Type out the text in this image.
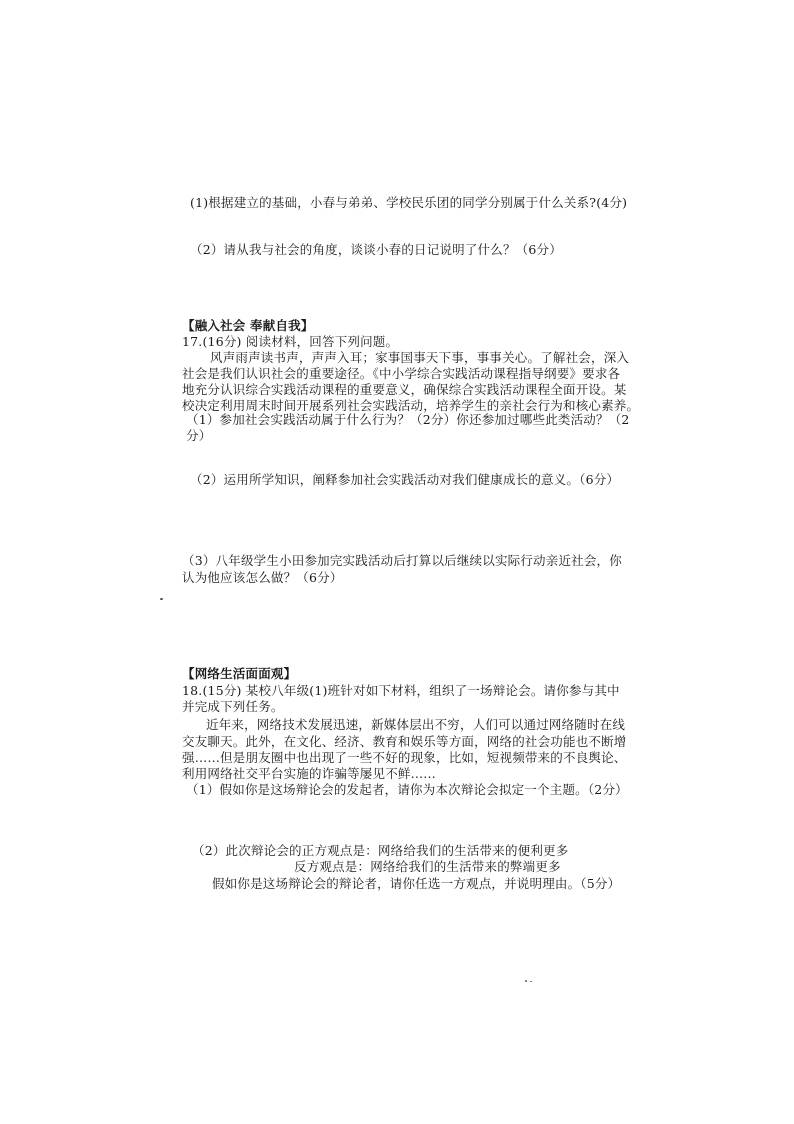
(1)根据建立的基础，小春与弟弟、学校民乐团的同学分别属于什么关系?(4分)
（2）请从我与社会的角度，谈谈小春的日记说明了什么？（6分）
【融入社会 奉献自我】
17.(16分) 阅读材料，回答下列问题。
风声雨声读书声，声声入耳；家事国事天下事，事事关心。了解社会，深入
社会是我们认识社会的重要途径。《中小学综合实践活动课程指导纲要》要求各
地充分认识综合实践活动课程的重要意义，确保综合实践活动课程全面开设。某
校决定利用周末时间开展系列社会实践活动，培养学生的亲社会行为和核心素养。
（1）参加社会实践活动属于什么行为？（2分）你还参加过哪些此类活动？（2
分）
（2）运用所学知识，阐释参加社会实践活动对我们健康成长的意义。（6分）
（3）八年级学生小田参加完实践活动后打算以后继续以实际行动亲近社会，你
认为他应该怎么做？（6分）
【网络生活面面观】
18.(15分) 某校八年级(1)班针对如下材料，组织了一场辩论会。请你参与其中
并完成下列任务。
近年来，网络技术发展迅速，新媒体层出不穷，人们可以通过网络随时在线
交友聊天。此外，在文化、经济、教育和娱乐等方面，网络的社会功能也不断增
强……但是朋友圈中也出现了一些不好的现象，比如，短视频带来的不良舆论、
利用网络社交平台实施的诈骗等屡见不鲜……
（1）假如你是这场辩论会的发起者，请你为本次辩论会拟定一个主题。（2分）
（2）此次辩论会的正方观点是：网络给我们的生活带来的便利更多
反方观点是：网络给我们的生活带来的弊端更多
假如你是这场辩论会的辩论者，请你任选一方观点，并说明理由。（5分）
